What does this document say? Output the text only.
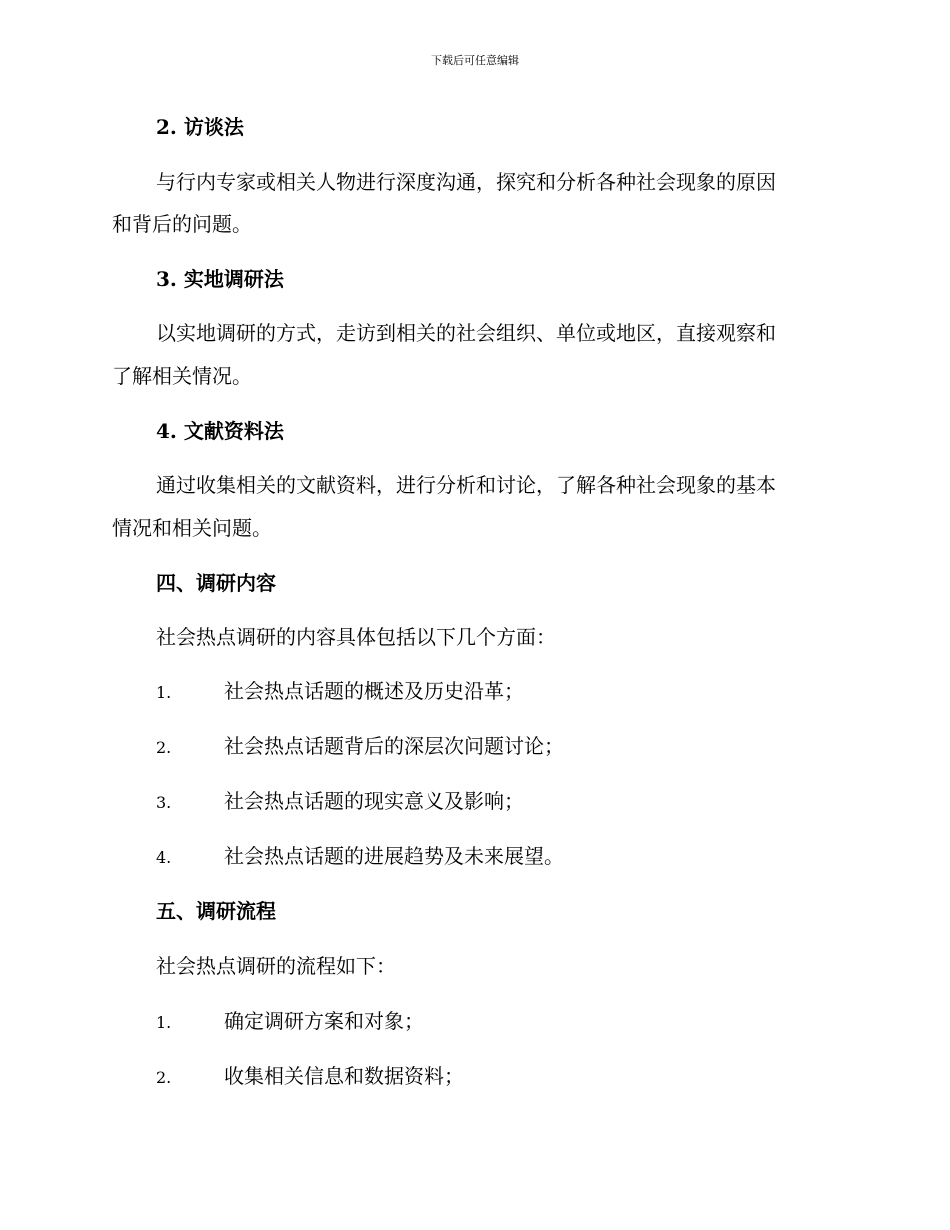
下载后可任意编辑
2. 访谈法
与行内专家或相关人物进行深度沟通，探究和分析各种社会现象的原因
和背后的问题。
3. 实地调研法
以实地调研的方式，走访到相关的社会组织、单位或地区，直接观察和
了解相关情况。
4. 文献资料法
通过收集相关的文献资料，进行分析和讨论，了解各种社会现象的基本
情况和相关问题。
四、调研内容
社会热点调研的内容具体包括以下几个方面：
1.	社会热点话题的概述及历史沿革；
2.	社会热点话题背后的深层次问题讨论；
3.	社会热点话题的现实意义及影响；
4.	社会热点话题的进展趋势及未来展望。
五、调研流程
社会热点调研的流程如下：
1.	确定调研方案和对象；
2.	收集相关信息和数据资料；
